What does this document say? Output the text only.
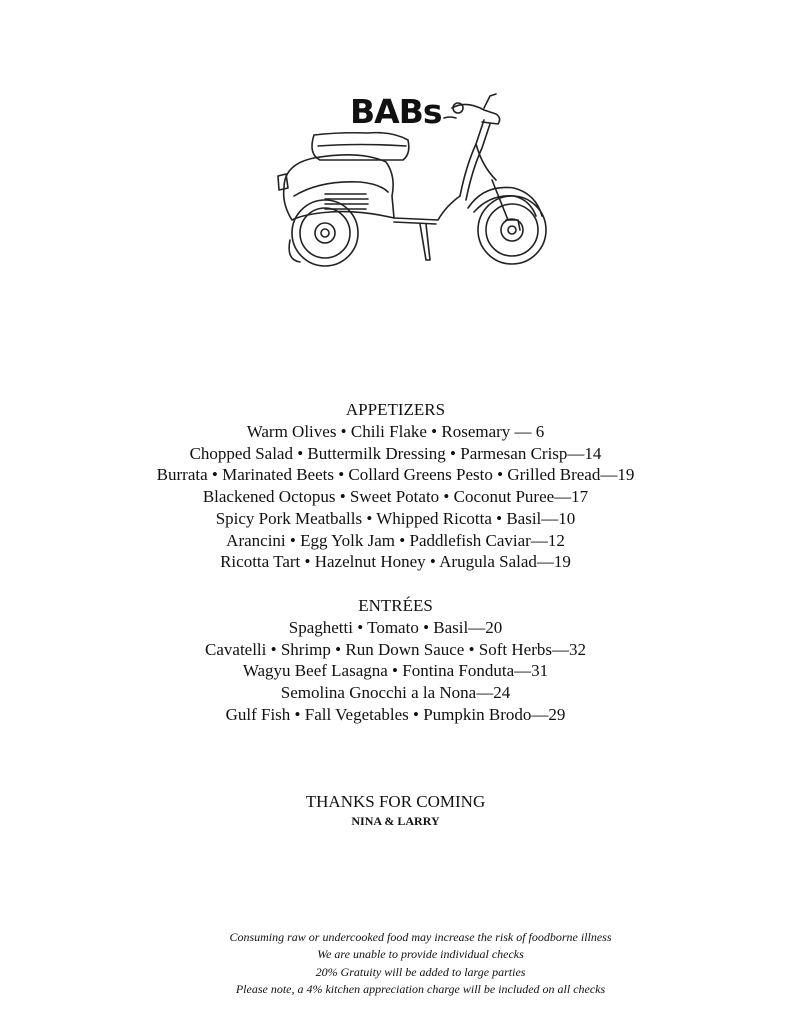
BABs
APPETIZERS
Warm Olives • Chili Flake • Rosemary — 6
Chopped Salad • Buttermilk Dressing • Parmesan Crisp—14
Burrata • Marinated Beets • Collard Greens Pesto • Grilled Bread—19
Blackened Octopus • Sweet Potato • Coconut Puree—17
Spicy Pork Meatballs • Whipped Ricotta • Basil—10
Arancini • Egg Yolk Jam • Paddlefish Caviar—12
Ricotta Tart • Hazelnut Honey • Arugula Salad—19
ENTRÉES
Spaghetti • Tomato • Basil—20
Cavatelli • Shrimp • Run Down Sauce • Soft Herbs—32
Wagyu Beef Lasagna • Fontina Fonduta—31
Semolina Gnocchi a la Nona—24
Gulf Fish • Fall Vegetables • Pumpkin Brodo—29
THANKS FOR COMING
NINA & LARRY
Consuming raw or undercooked food may increase the risk of foodborne illness
We are unable to provide individual checks
20% Gratuity will be added to large parties
Please note, a 4% kitchen appreciation charge will be included on all checks
